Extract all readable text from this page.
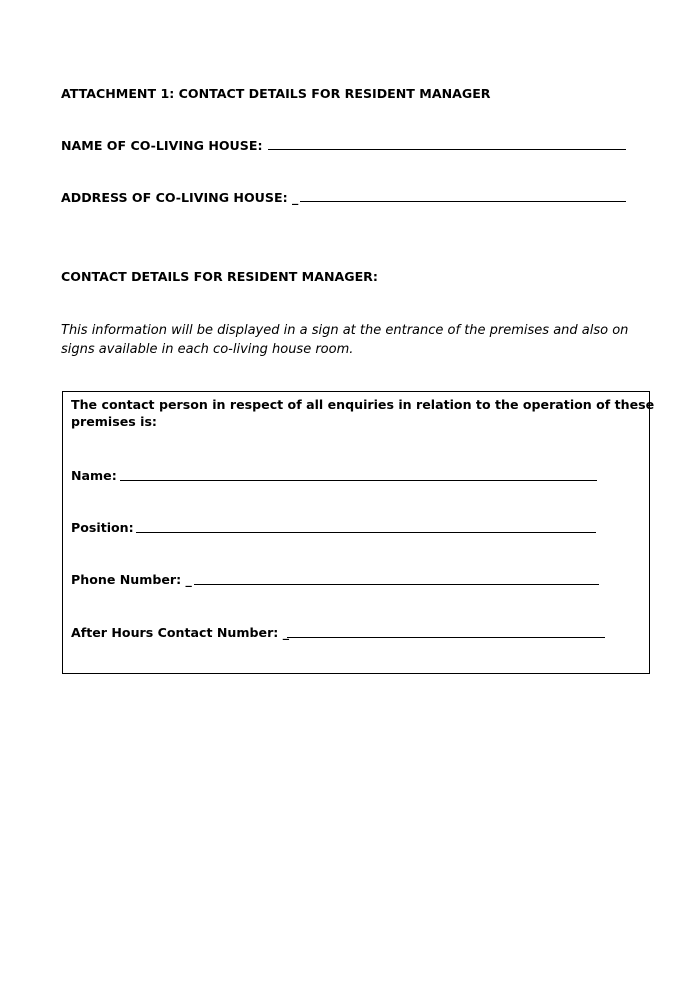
ATTACHMENT 1: CONTACT DETAILS FOR RESIDENT MANAGER
NAME OF CO-LIVING HOUSE:
ADDRESS OF CO-LIVING HOUSE: _
CONTACT DETAILS FOR RESIDENT MANAGER:
This information will be displayed in a sign at the entrance of the premises and also on
signs available in each co-living house room.
The contact person in respect of all enquiries in relation to the operation of these
premises is:
Name:
Position:
Phone Number: _
After Hours Contact Number: _
